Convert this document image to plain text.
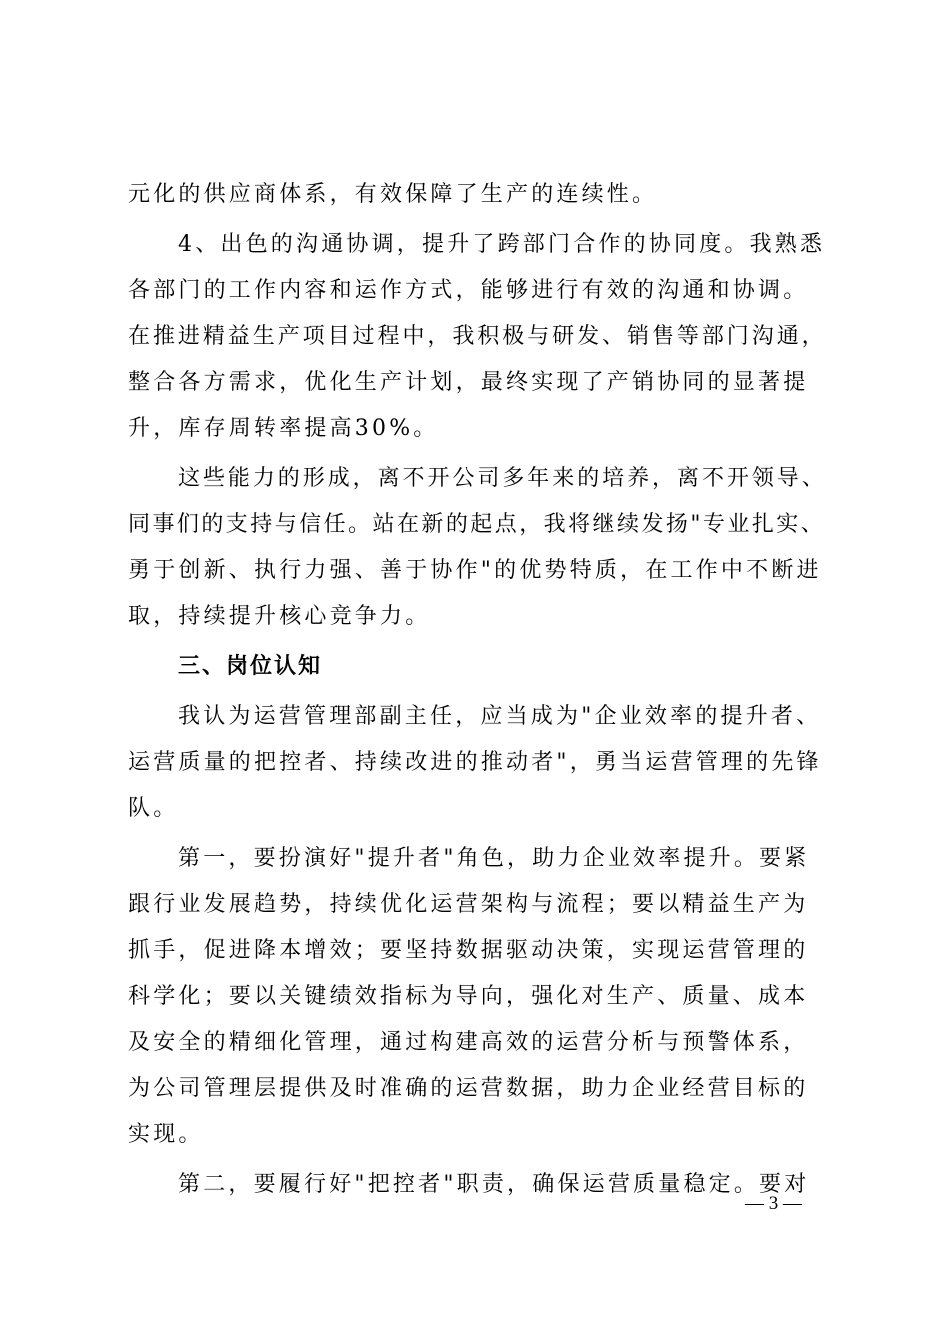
元化的供应商体系，有效保障了生产的连续性。
4、出色的沟通协调，提升了跨部门合作的协同度。我熟悉
各部门的工作内容和运作方式，能够进行有效的沟通和协调。
在推进精益生产项目过程中，我积极与研发、销售等部门沟通，
整合各方需求，优化生产计划，最终实现了产销协同的显著提
升，库存周转率提高30%。
这些能力的形成，离不开公司多年来的培养，离不开领导、
同事们的支持与信任。站在新的起点，我将继续发扬"专业扎实、
勇于创新、执行力强、善于协作"的优势特质，在工作中不断进
取，持续提升核心竞争力。
三、岗位认知
我认为运营管理部副主任，应当成为"企业效率的提升者、
运营质量的把控者、持续改进的推动者"，勇当运营管理的先锋
队。
第一，要扮演好"提升者"角色，助力企业效率提升。要紧
跟行业发展趋势，持续优化运营架构与流程；要以精益生产为
抓手，促进降本增效；要坚持数据驱动决策，实现运营管理的
科学化；要以关键绩效指标为导向，强化对生产、质量、成本
及安全的精细化管理，通过构建高效的运营分析与预警体系，
为公司管理层提供及时准确的运营数据，助力企业经营目标的
实现。
第二，要履行好"把控者"职责，确保运营质量稳定。要对
— 3 —
